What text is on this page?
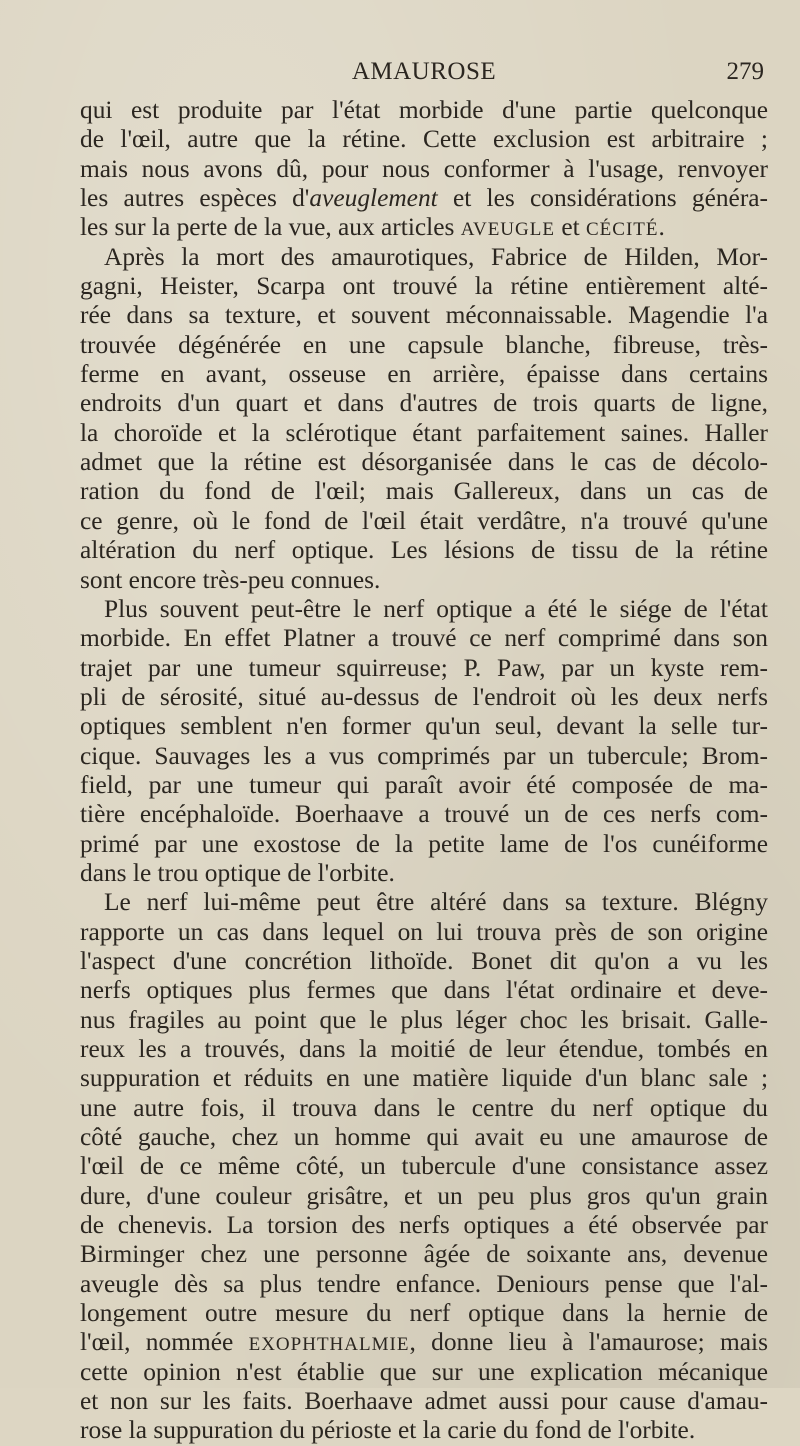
AMAUROSE	279
qui est produite par l'état morbide d'une partie quelconque
de l'œil, autre que la rétine. Cette exclusion est arbitraire ;
mais nous avons dû, pour nous conformer à l'usage, renvoyer
les autres espèces d'aveuglement et les considérations généra-
les sur la perte de la vue, aux articles AVEUGLE et CÉCITÉ.
Après la mort des amaurotiques, Fabrice de Hilden, Mor-
gagni, Heister, Scarpa ont trouvé la rétine entièrement alté-
rée dans sa texture, et souvent méconnaissable. Magendie l'a
trouvée dégénérée en une capsule blanche, fibreuse, très-
ferme en avant, osseuse en arrière, épaisse dans certains
endroits d'un quart et dans d'autres de trois quarts de ligne,
la choroïde et la sclérotique étant parfaitement saines. Haller
admet que la rétine est désorganisée dans le cas de décolo-
ration du fond de l'œil; mais Gallereux, dans un cas de
ce genre, où le fond de l'œil était verdâtre, n'a trouvé qu'une
altération du nerf optique. Les lésions de tissu de la rétine
sont encore très-peu connues.
Plus souvent peut-être le nerf optique a été le siége de l'état
morbide. En effet Platner a trouvé ce nerf comprimé dans son
trajet par une tumeur squirreuse; P. Paw, par un kyste rem-
pli de sérosité, situé au-dessus de l'endroit où les deux nerfs
optiques semblent n'en former qu'un seul, devant la selle tur-
cique. Sauvages les a vus comprimés par un tubercule; Brom-
field, par une tumeur qui paraît avoir été composée de ma-
tière encéphaloïde. Boerhaave a trouvé un de ces nerfs com-
primé par une exostose de la petite lame de l'os cunéiforme
dans le trou optique de l'orbite.
Le nerf lui-même peut être altéré dans sa texture. Blégny
rapporte un cas dans lequel on lui trouva près de son origine
l'aspect d'une concrétion lithoïde. Bonet dit qu'on a vu les
nerfs optiques plus fermes que dans l'état ordinaire et deve-
nus fragiles au point que le plus léger choc les brisait. Galle-
reux les a trouvés, dans la moitié de leur étendue, tombés en
suppuration et réduits en une matière liquide d'un blanc sale ;
une autre fois, il trouva dans le centre du nerf optique du
côté gauche, chez un homme qui avait eu une amaurose de
l'œil de ce même côté, un tubercule d'une consistance assez
dure, d'une couleur grisâtre, et un peu plus gros qu'un grain
de chenevis. La torsion des nerfs optiques a été observée par
Birminger chez une personne âgée de soixante ans, devenue
aveugle dès sa plus tendre enfance. Deniours pense que l'al-
longement outre mesure du nerf optique dans la hernie de
l'œil, nommée EXOPHTHALMIE, donne lieu à l'amaurose; mais
cette opinion n'est établie que sur une explication mécanique
et non sur les faits. Boerhaave admet aussi pour cause d'amau-
rose la suppuration du périoste et la carie du fond de l'orbite.
